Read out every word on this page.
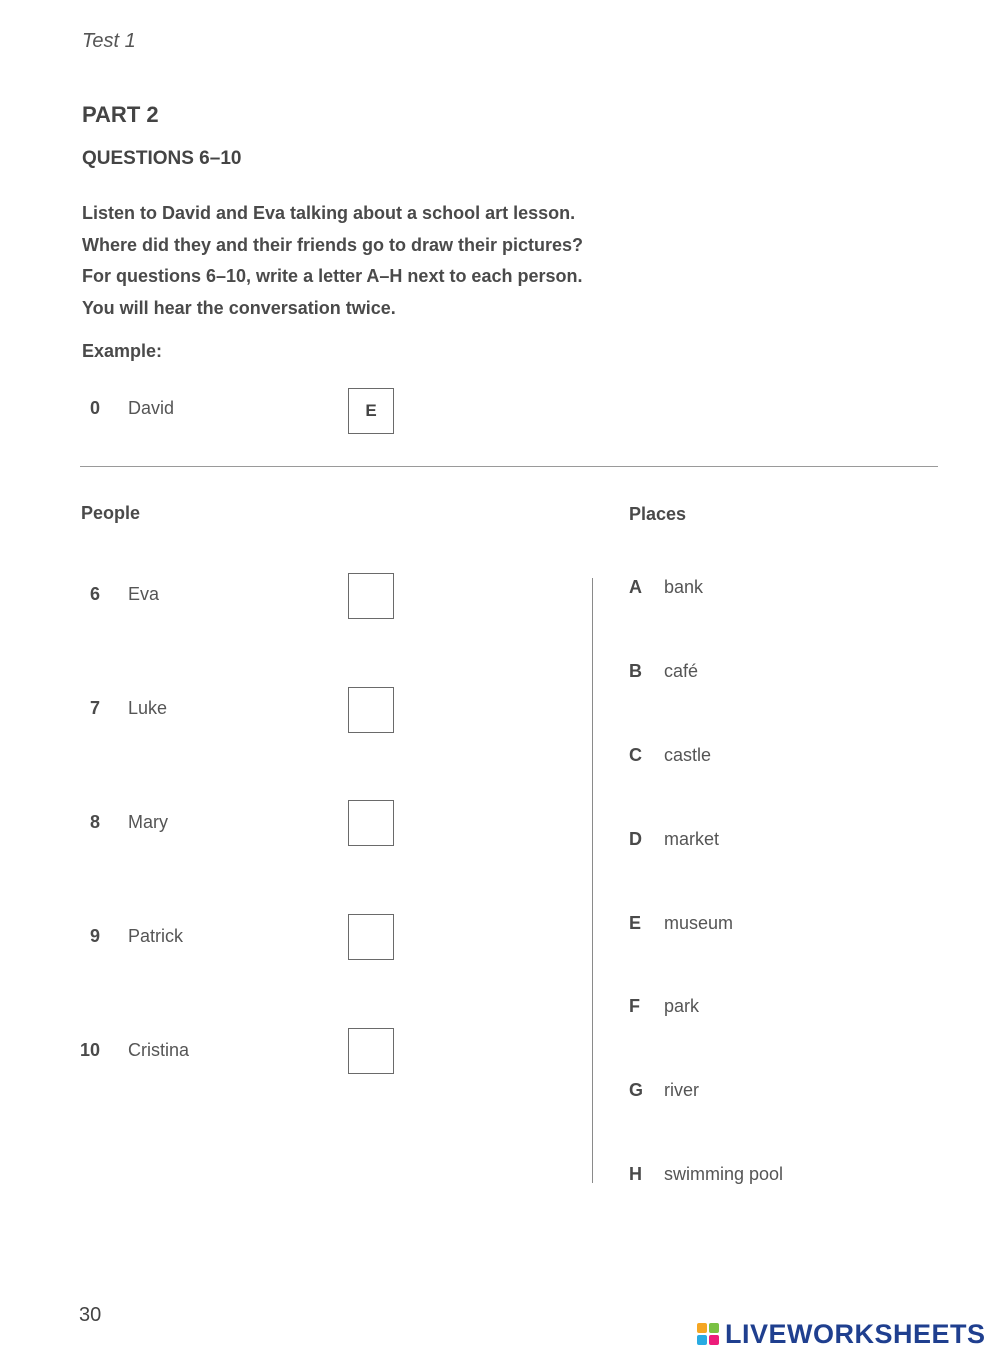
Test 1
PART 2
QUESTIONS 6–10
Listen to David and Eva talking about a school art lesson.
Where did they and their friends go to draw their pictures?
For questions 6–10, write a letter A–H next to each person.
You will hear the conversation twice.
Example:
0 David	E
People	Places
6 Eva
7 Luke
8 Mary
9 Patrick
10 Cristina
A bank
B café
C castle
D market
E museum
F park
G river
H swimming pool
30
LIVEWORKSHEETS
